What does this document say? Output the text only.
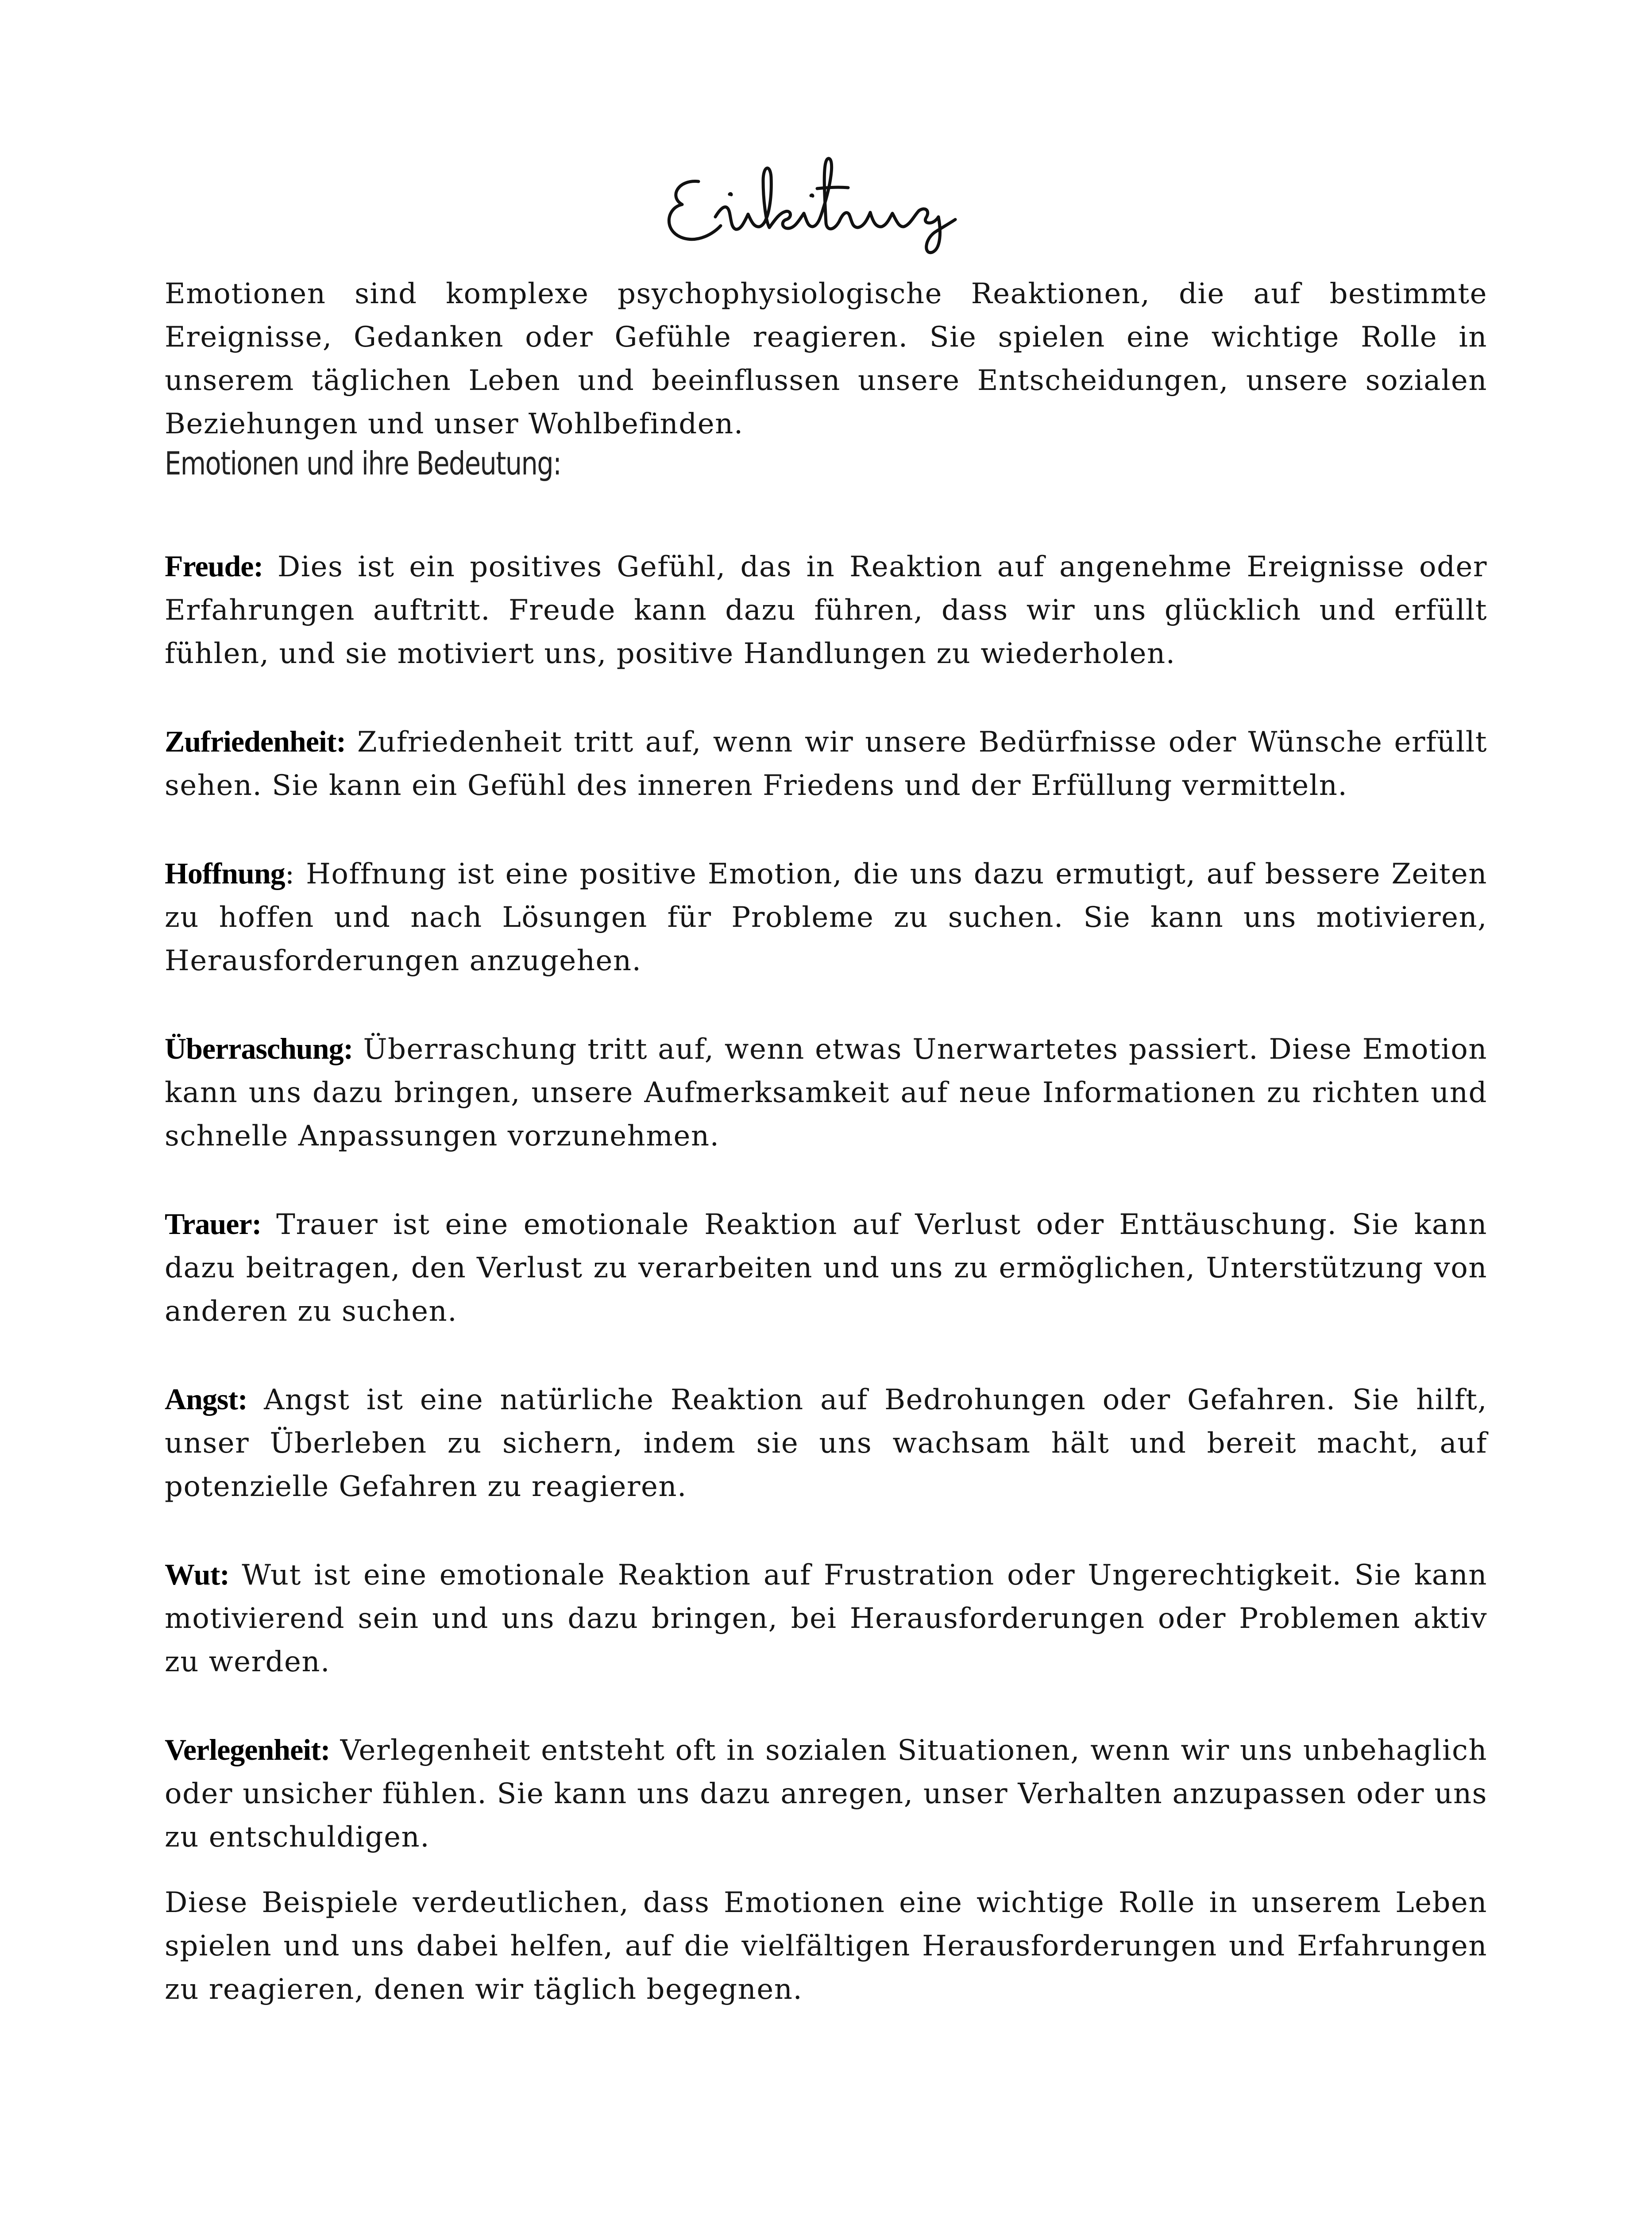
Emotionen sind komplexe psychophysiologische Reaktionen, die auf bestimmte Ereignisse, Gedanken oder Gefühle reagieren. Sie spielen eine wichtige Rolle in unserem täglichen Leben und beeinflussen unsere Entscheidungen, unsere sozialen Beziehungen und unser Wohlbefinden.

Emotionen und ihre Bedeutung:

Freude: Dies ist ein positives Gefühl, das in Reaktion auf angenehme Ereignisse oder Erfahrungen auftritt. Freude kann dazu führen, dass wir uns glücklich und erfüllt fühlen, und sie motiviert uns, positive Handlungen zu wiederholen.

Zufriedenheit: Zufriedenheit tritt auf, wenn wir unsere Bedürfnisse oder Wünsche erfüllt sehen. Sie kann ein Gefühl des inneren Friedens und der Erfüllung vermitteln.

Hoffnung: Hoffnung ist eine positive Emotion, die uns dazu ermutigt, auf bessere Zeiten zu hoffen und nach Lösungen für Probleme zu suchen. Sie kann uns motivieren, Herausforderungen anzugehen.

Überraschung: Überraschung tritt auf, wenn etwas Unerwartetes passiert. Diese Emotion kann uns dazu bringen, unsere Aufmerksamkeit auf neue Informationen zu richten und schnelle Anpassungen vorzunehmen.

Trauer: Trauer ist eine emotionale Reaktion auf Verlust oder Enttäuschung. Sie kann dazu beitragen, den Verlust zu verarbeiten und uns zu ermöglichen, Unterstützung von anderen zu suchen.

Angst: Angst ist eine natürliche Reaktion auf Bedrohungen oder Gefahren. Sie hilft, unser Überleben zu sichern, indem sie uns wachsam hält und bereit macht, auf potenzielle Gefahren zu reagieren.

Wut: Wut ist eine emotionale Reaktion auf Frustration oder Ungerechtigkeit. Sie kann motivierend sein und uns dazu bringen, bei Herausforderungen oder Problemen aktiv zu werden.

Verlegenheit: Verlegenheit entsteht oft in sozialen Situationen, wenn wir uns unbehaglich oder unsicher fühlen. Sie kann uns dazu anregen, unser Verhalten anzupassen oder uns zu entschuldigen.

Diese Beispiele verdeutlichen, dass Emotionen eine wichtige Rolle in unserem Leben spielen und uns dabei helfen, auf die vielfältigen Herausforderungen und Erfahrungen zu reagieren, denen wir täglich begegnen.
